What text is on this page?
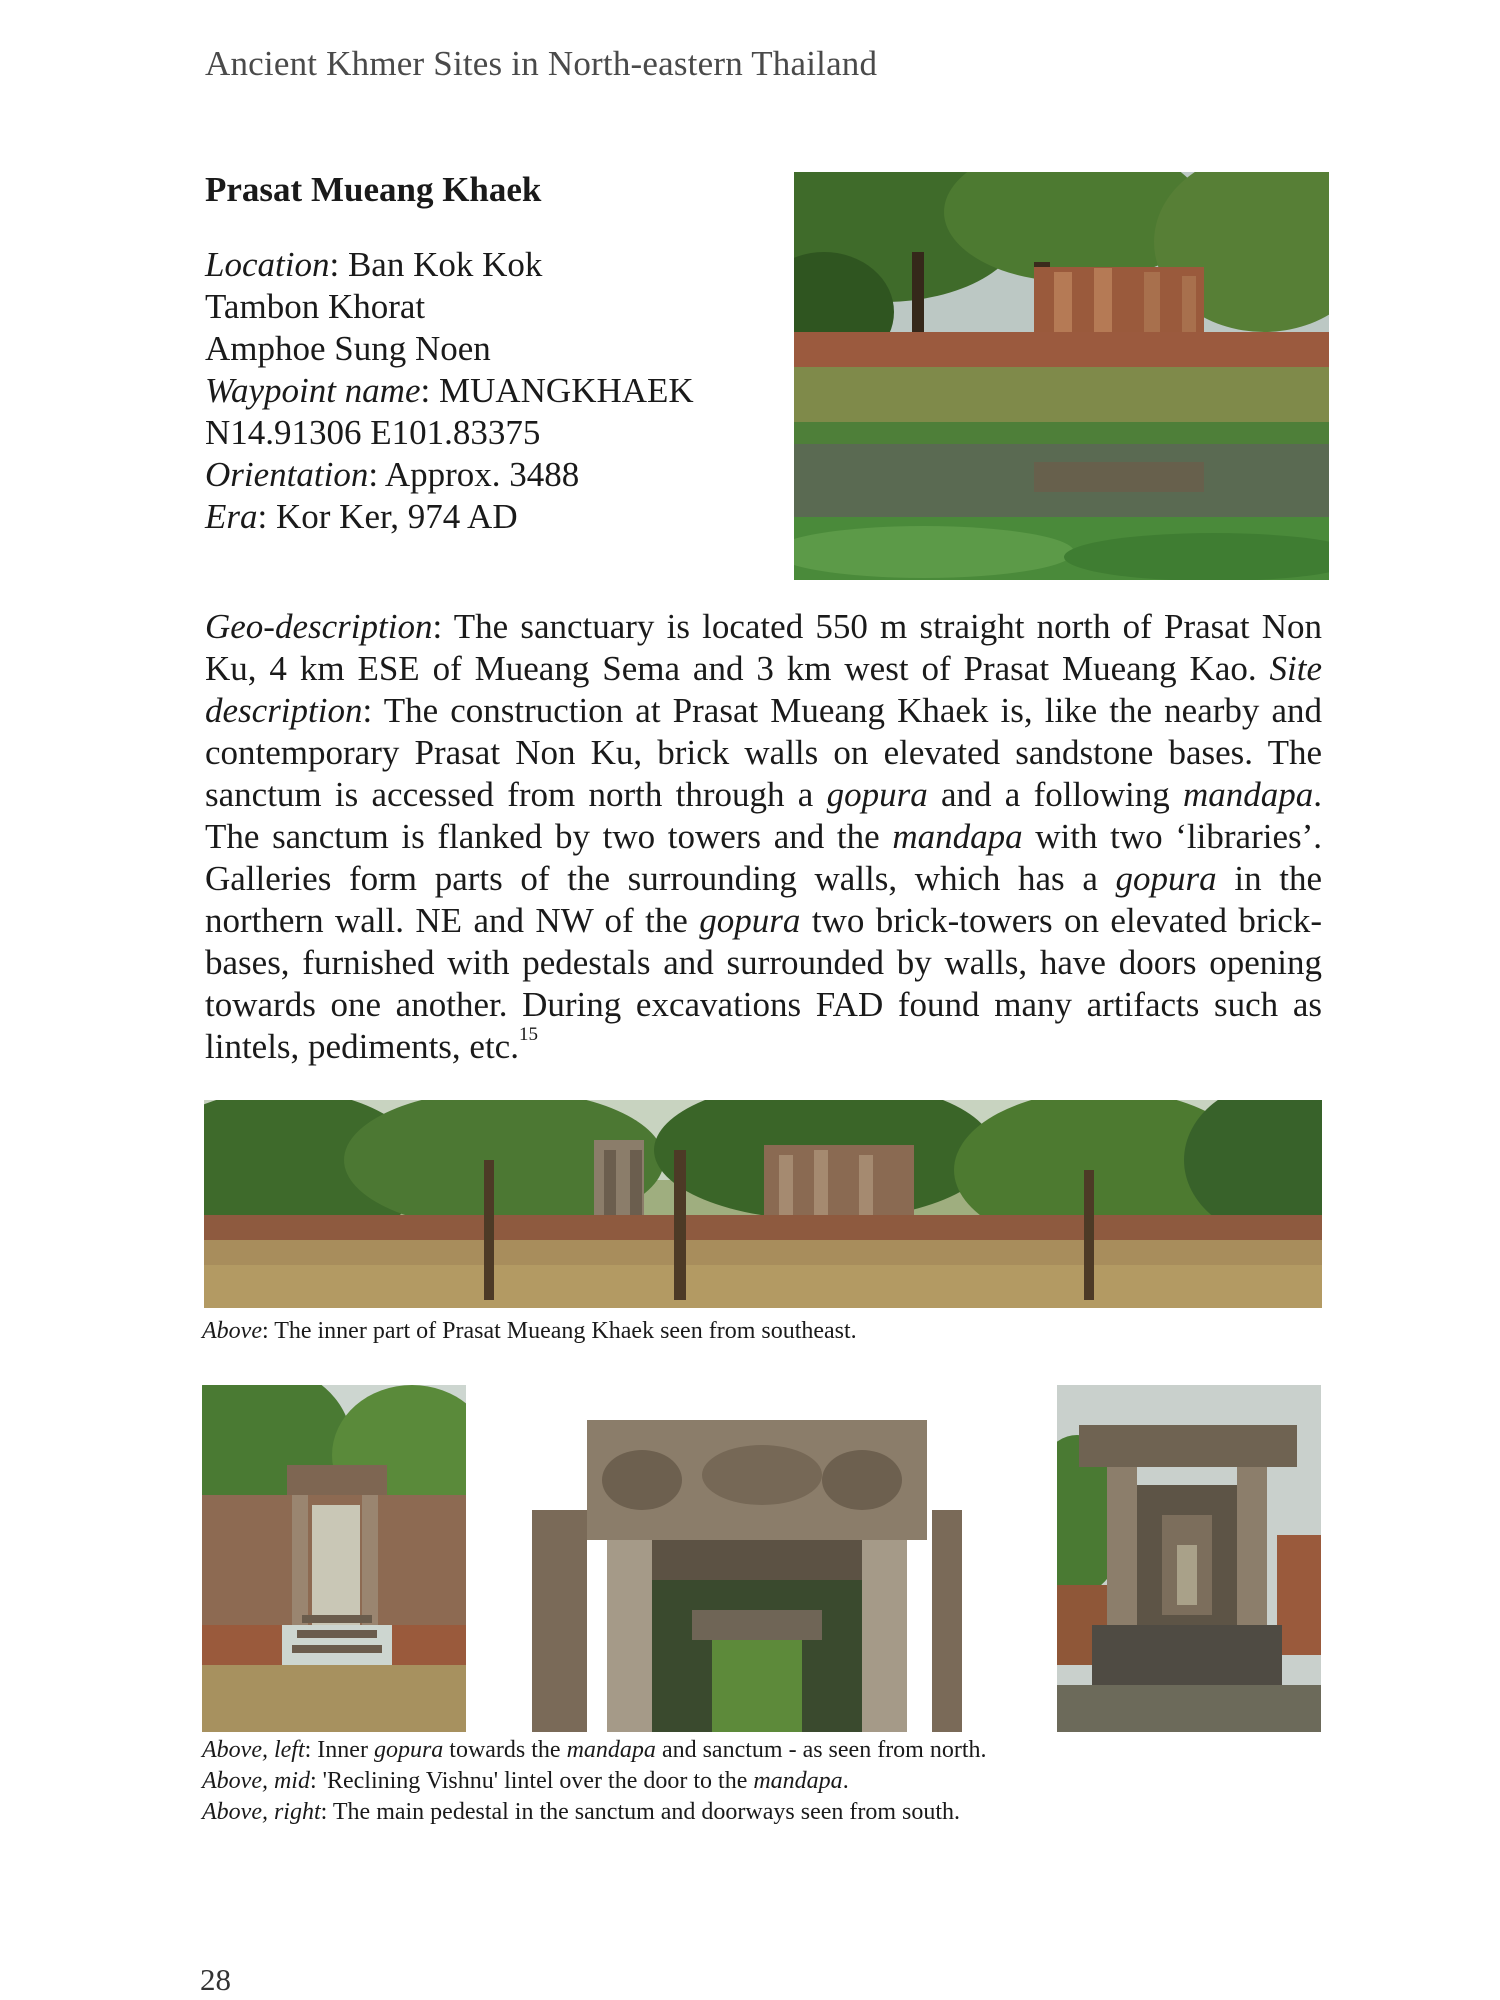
Ancient Khmer Sites in North-eastern Thailand
Prasat Mueang Khaek
Location: Ban Kok Kok
Tambon Khorat
Amphoe Sung Noen
Waypoint name: MUANGKHAEK
N14.91306 E101.83375
Orientation: Approx. 3488
Era: Kor Ker, 974 AD

Geo-description: The sanctuary is located 550 m straight north of Prasat Non Ku, 4 km ESE of Mueang Sema and 3 km west of Prasat Mueang Kao. Site description: The construction at Prasat Mueang Khaek is, like the nearby and contemporary Prasat Non Ku, brick walls on elevated sandstone bases. The sanctum is accessed from north through a gopura and a following mandapa. The sanctum is flanked by two towers and the mandapa with two ‘libraries’. Galleries form parts of the surrounding walls, which has a gopura in the northern wall. NE and NW of the gopura two brick-towers on elevated brick-bases, furnished with pedestals and surrounded by walls, have doors opening towards one another. During excavations FAD found many artifacts such as lintels, pediments, etc.$^{15}$

Above: The inner part of Prasat Mueang Khaek seen from southeast.
Above, left: Inner gopura towards the mandapa and sanctum - as seen from north.
Above, mid: 'Reclining Vishnu' lintel over the door to the mandapa.
Above, right: The main pedestal in the sanctum and doorways seen from south.
28
